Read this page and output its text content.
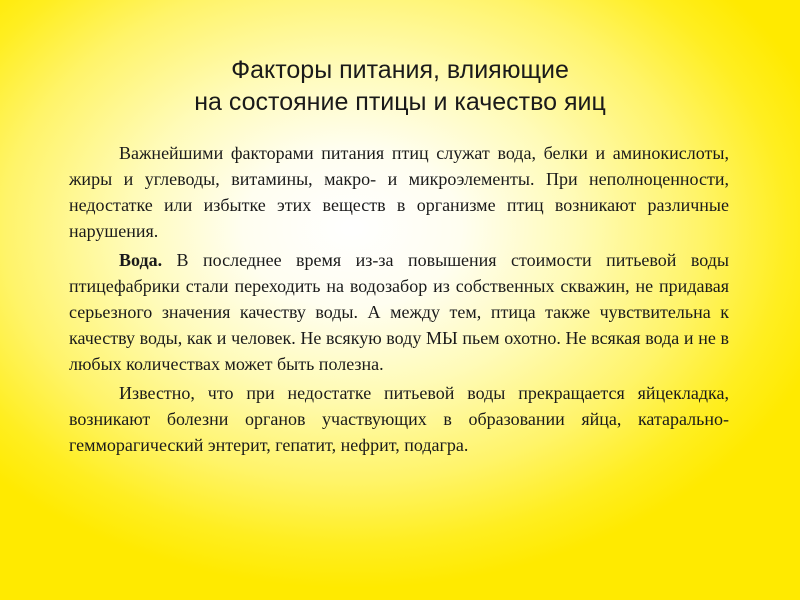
Факторы питания, влияющие
на состояние птицы и качество яиц

Важнейшими факторами питания птиц служат вода, белки и аминокислоты, жиры и углеводы, витамины, макро- и микроэлементы. При неполноценности, недостатке или избытке этих веществ в организме птиц возникают различные нарушения.

Вода. В последнее время из-за повышения стоимости питьевой воды птицефабрики стали переходить на водозабор из собственных скважин, не придавая серьезного значения качеству воды. А между тем, птица также чувствительна к качеству воды, как и человек. Не всякую воду МЫ пьем охотно. Не всякая вода и не в любых количествах может быть полезна.

Известно, что при недостатке питьевой воды прекращается яйцекладка, возникают болезни органов участвующих в образовании яйца, катарально-гемморагический энтерит, гепатит, нефрит, подагра.
